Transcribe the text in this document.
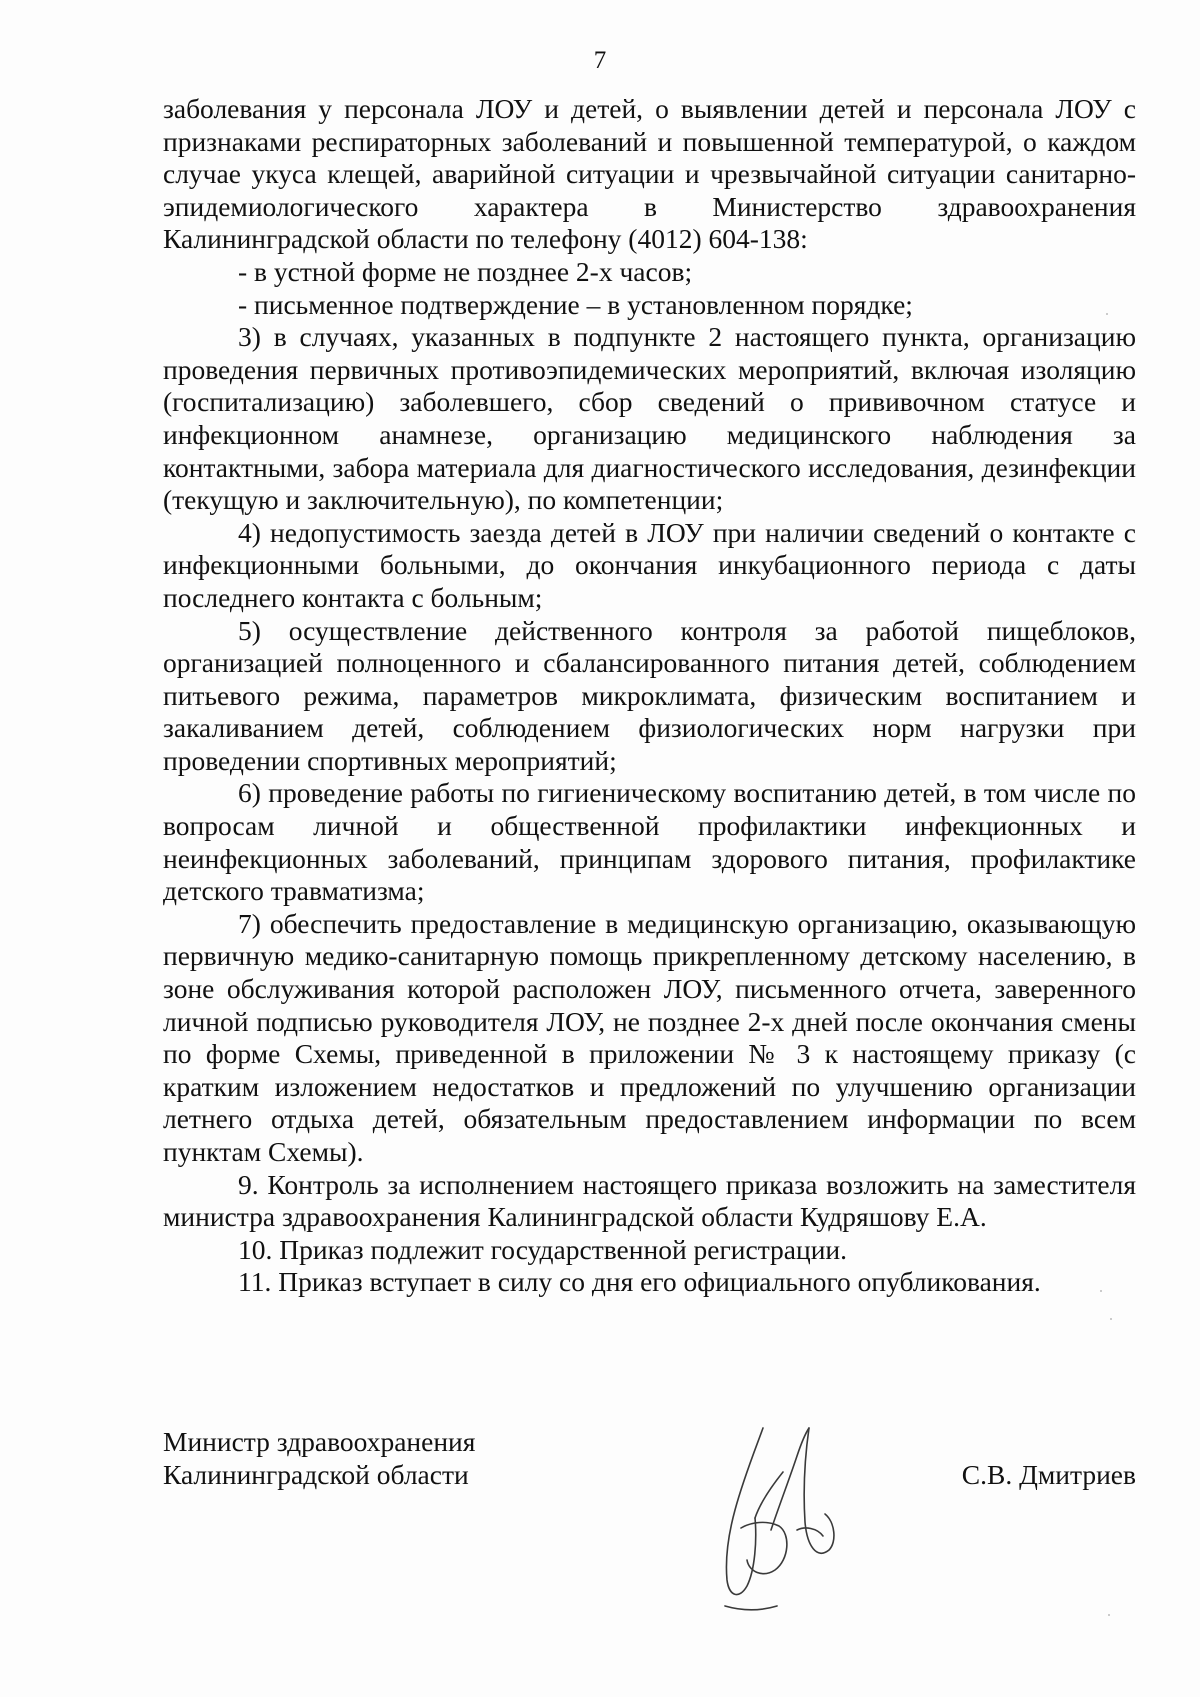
7

заболевания у персонала ЛОУ и детей, о выявлении детей и персонала ЛОУ с признаками респираторных заболеваний и повышенной температурой, о каждом случае укуса клещей, аварийной ситуации и чрезвычайной ситуации санитарно-эпидемиологического характера в Министерство здравоохранения Калининградской области по телефону (4012) 604-138:

- в устной форме не позднее 2-х часов;

- письменное подтверждение – в установленном порядке;

3) в случаях, указанных в подпункте 2 настоящего пункта, организацию проведения первичных противоэпидемических мероприятий, включая изоляцию (госпитализацию) заболевшего, сбор сведений о прививочном статусе и инфекционном анамнезе, организацию медицинского наблюдения за контактными, забора материала для диагностического исследования, дезинфекции (текущую и заключительную), по компетенции;

4) недопустимость заезда детей в ЛОУ при наличии сведений о контакте с инфекционными больными, до окончания инкубационного периода с даты последнего контакта с больным;

5) осуществление действенного контроля за работой пищеблоков, организацией полноценного и сбалансированного питания детей, соблюдением питьевого режима, параметров микроклимата, физическим воспитанием и закаливанием детей, соблюдением физиологических норм нагрузки при проведении спортивных мероприятий;

6) проведение работы по гигиеническому воспитанию детей, в том числе по вопросам личной и общественной профилактики инфекционных и неинфекционных заболеваний, принципам здорового питания, профилактике детского травматизма;

7) обеспечить предоставление в медицинскую организацию, оказывающую первичную медико-санитарную помощь прикрепленному детскому населению, в зоне обслуживания которой расположен ЛОУ, письменного отчета, заверенного личной подписью руководителя ЛОУ, не позднее 2-х дней после окончания смены по форме Схемы, приведенной в приложении № 3 к настоящему приказу (с кратким изложением недостатков и предложений по улучшению организации летнего отдыха детей, обязательным предоставлением информации по всем пунктам Схемы).

9. Контроль за исполнением настоящего приказа возложить на заместителя министра здравоохранения Калининградской области Кудряшову Е.А.

10. Приказ подлежит государственной регистрации.

11. Приказ вступает в силу со дня его официального опубликования.

Министр здравоохранения
Калининградской области	С.В. Дмитриев
